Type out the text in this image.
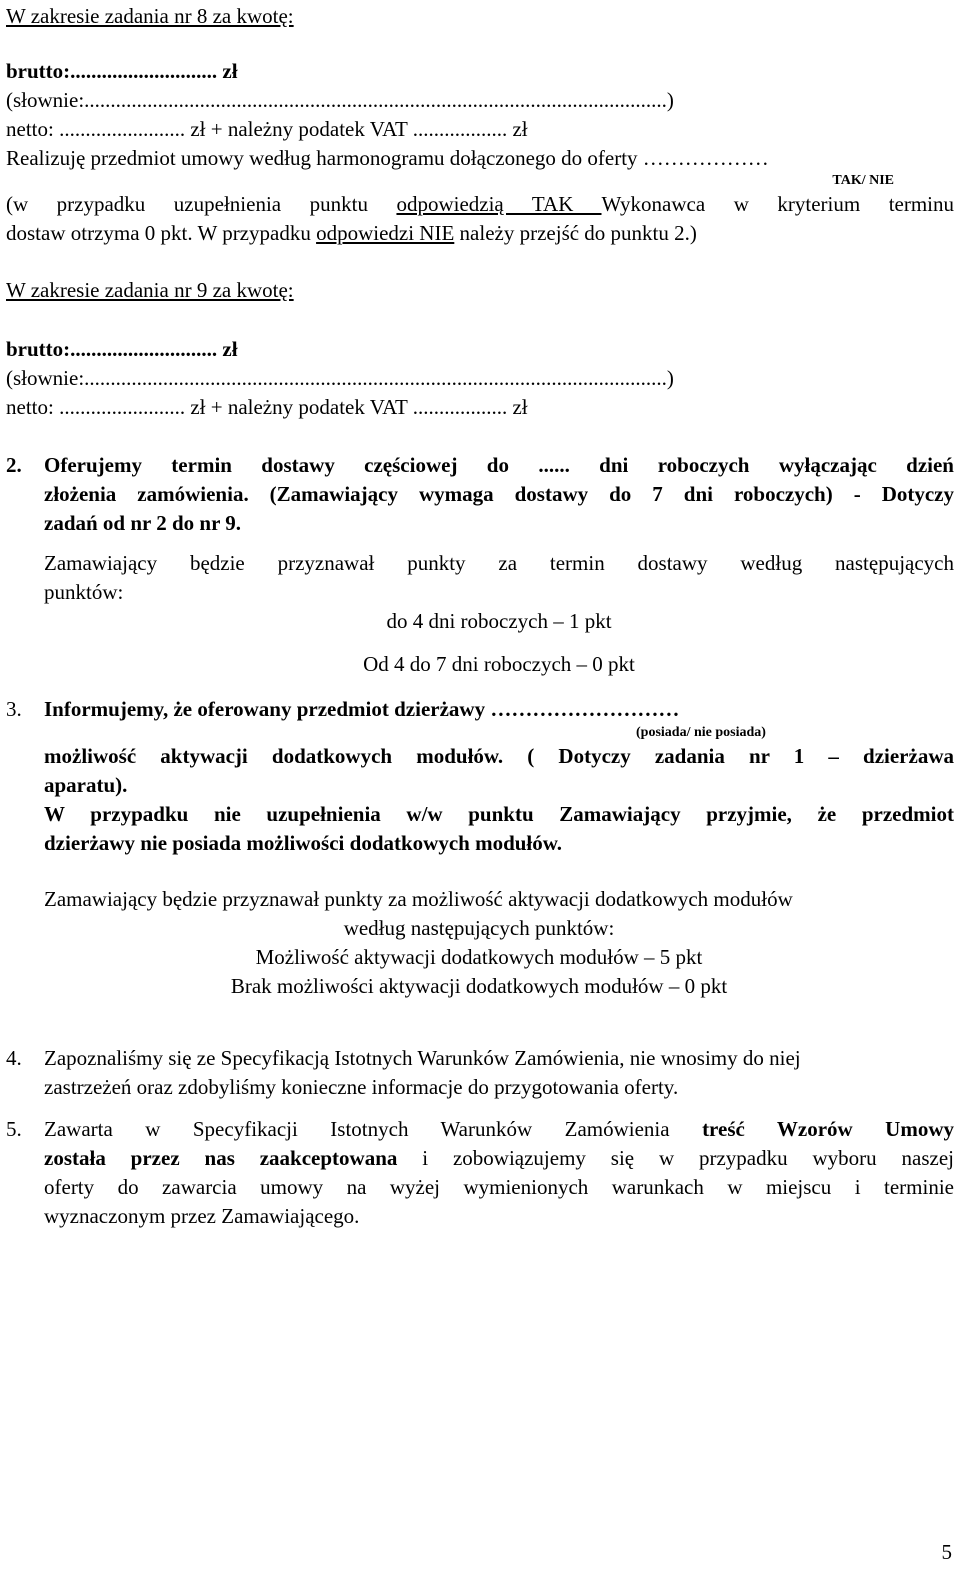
W zakresie zadania nr 8 za kwotę:
brutto:............................ zł
(słownie:...............................................................................................................)
netto: ........................ zł + należny podatek VAT .................. zł
Realizuję przedmiot umowy według harmonogramu dołączonego do oferty ………………
TAK/ NIE
(w przypadku uzupełnienia punktu odpowiedzią TAK Wykonawca w kryterium terminu
dostaw otrzyma 0 pkt. W przypadku odpowiedzi NIE należy przejść do punktu 2.)
W zakresie zadania nr 9 za kwotę:
brutto:............................ zł
(słownie:...............................................................................................................)
netto: ........................ zł + należny podatek VAT .................. zł
2. Oferujemy termin dostawy częściowej do ...... dni roboczych wyłączając dzień
złożenia zamówienia. (Zamawiający wymaga dostawy do 7 dni roboczych) - Dotyczy
zadań od nr 2 do nr 9.
Zamawiający będzie przyznawał punkty za termin dostawy według następujących
punktów:
do 4 dni roboczych – 1 pkt
Od 4 do 7 dni roboczych – 0 pkt
3. Informujemy, że oferowany przedmiot dzierżawy ………………………
(posiada/ nie posiada)
możliwość aktywacji dodatkowych modułów. ( Dotyczy zadania nr 1 – dzierżawa
aparatu).
W przypadku nie uzupełnienia w/w punktu Zamawiający przyjmie, że przedmiot
dzierżawy nie posiada możliwości dodatkowych modułów.
Zamawiający będzie przyznawał punkty za możliwość aktywacji dodatkowych modułów
według następujących punktów:
Możliwość aktywacji dodatkowych modułów – 5 pkt
Brak możliwości aktywacji dodatkowych modułów – 0 pkt
4. Zapoznaliśmy się ze Specyfikacją Istotnych Warunków Zamówienia, nie wnosimy do niej
zastrzeżeń oraz zdobyliśmy konieczne informacje do przygotowania oferty.
5. Zawarta w Specyfikacji Istotnych Warunków Zamówienia treść Wzorów Umowy
została przez nas zaakceptowana i zobowiązujemy się w przypadku wyboru naszej
oferty do zawarcia umowy na wyżej wymienionych warunkach w miejscu i terminie
wyznaczonym przez Zamawiającego.
5
